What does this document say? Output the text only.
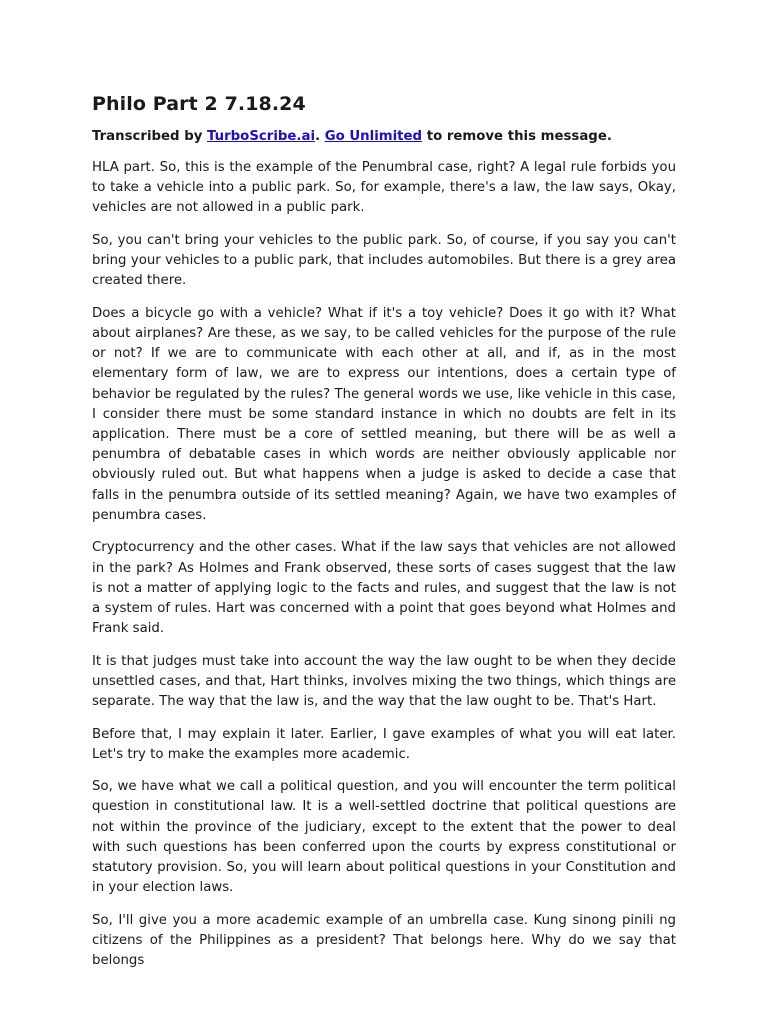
Philo Part 2 7.18.24

Transcribed by TurboScribe.ai. Go Unlimited to remove this message.

HLA part. So, this is the example of the Penumbral case, right? A legal rule forbids you to take a vehicle into a public park. So, for example, there's a law, the law says, Okay, vehicles are not allowed in a public park.

So, you can't bring your vehicles to the public park. So, of course, if you say you can't bring your vehicles to a public park, that includes automobiles. But there is a grey area created there.

Does a bicycle go with a vehicle? What if it's a toy vehicle? Does it go with it? What about airplanes? Are these, as we say, to be called vehicles for the purpose of the rule or not? If we are to communicate with each other at all, and if, as in the most elementary form of law, we are to express our intentions, does a certain type of behavior be regulated by the rules? The general words we use, like vehicle in this case, I consider there must be some standard instance in which no doubts are felt in its application. There must be a core of settled meaning, but there will be as well a penumbra of debatable cases in which words are neither obviously applicable nor obviously ruled out. But what happens when a judge is asked to decide a case that falls in the penumbra outside of its settled meaning? Again, we have two examples of penumbra cases.

Cryptocurrency and the other cases. What if the law says that vehicles are not allowed in the park? As Holmes and Frank observed, these sorts of cases suggest that the law is not a matter of applying logic to the facts and rules, and suggest that the law is not a system of rules. Hart was concerned with a point that goes beyond what Holmes and Frank said.

It is that judges must take into account the way the law ought to be when they decide unsettled cases, and that, Hart thinks, involves mixing the two things, which things are separate. The way that the law is, and the way that the law ought to be. That's Hart.

Before that, I may explain it later. Earlier, I gave examples of what you will eat later. Let's try to make the examples more academic.

So, we have what we call a political question, and you will encounter the term political question in constitutional law. It is a well-settled doctrine that political questions are not within the province of the judiciary, except to the extent that the power to deal with such questions has been conferred upon the courts by express constitutional or statutory provision. So, you will learn about political questions in your Constitution and in your election laws.

So, I'll give you a more academic example of an umbrella case. Kung sinong pinili ng citizens of the Philippines as a president? That belongs here. Why do we say that belongs
